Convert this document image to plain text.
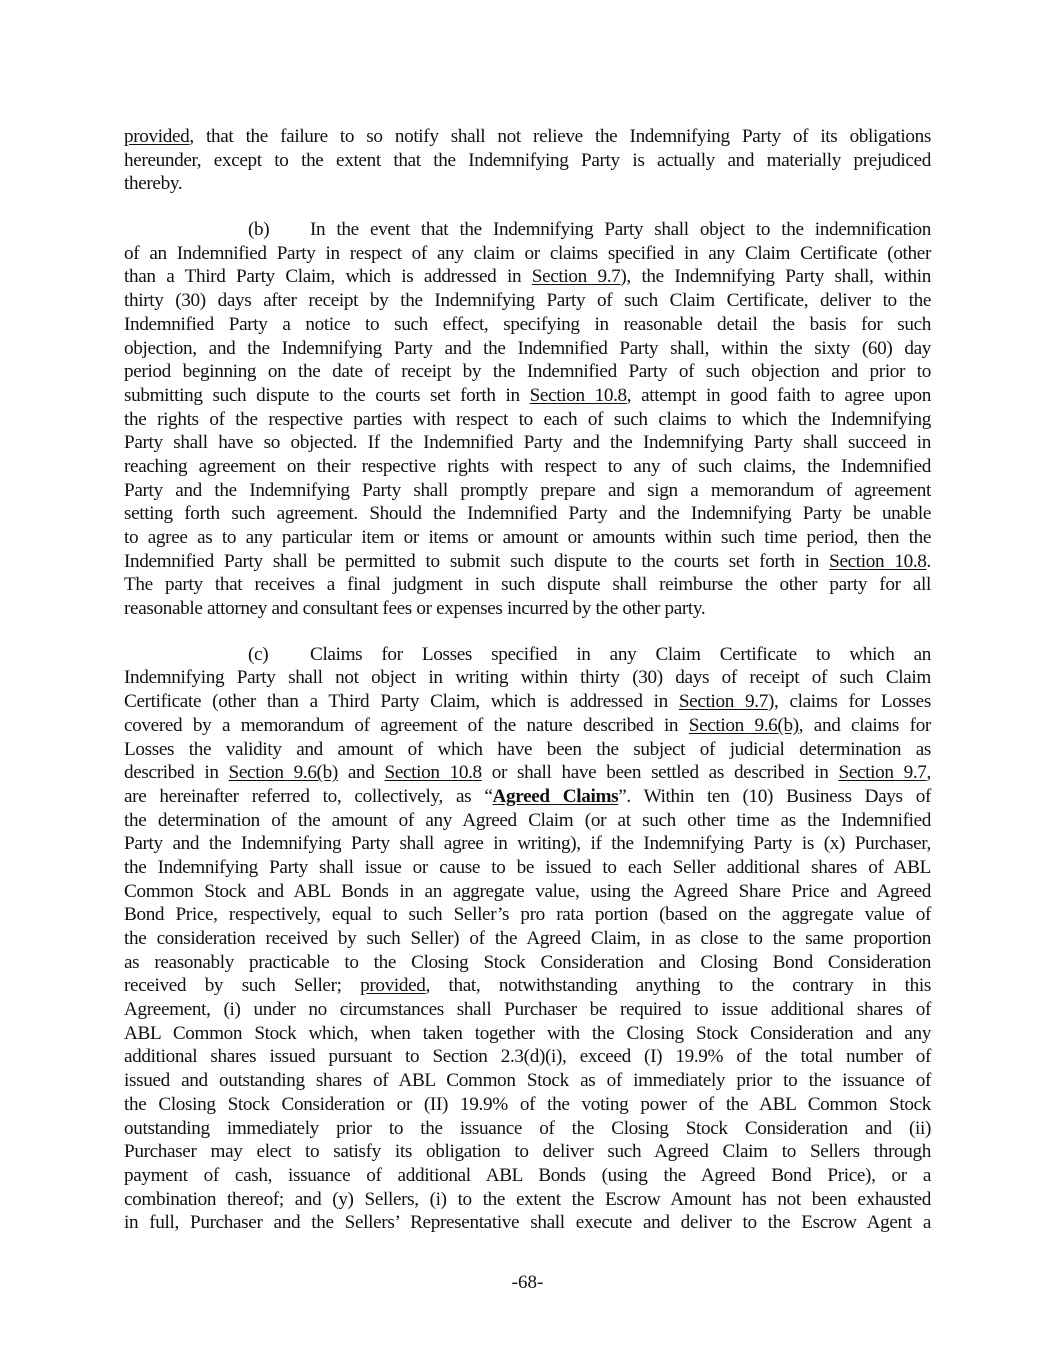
provided, that the failure to so notify shall not relieve the Indemnifying Party of its obligations
hereunder, except to the extent that the Indemnifying Party is actually and materially prejudiced
thereby.
(b) In the event that the Indemnifying Party shall object to the indemnification
of an Indemnified Party in respect of any claim or claims specified in any Claim Certificate (other
than a Third Party Claim, which is addressed in Section 9.7), the Indemnifying Party shall, within
thirty (30) days after receipt by the Indemnifying Party of such Claim Certificate, deliver to the
Indemnified Party a notice to such effect, specifying in reasonable detail the basis for such
objection, and the Indemnifying Party and the Indemnified Party shall, within the sixty (60) day
period beginning on the date of receipt by the Indemnified Party of such objection and prior to
submitting such dispute to the courts set forth in Section 10.8, attempt in good faith to agree upon
the rights of the respective parties with respect to each of such claims to which the Indemnifying
Party shall have so objected. If the Indemnified Party and the Indemnifying Party shall succeed in
reaching agreement on their respective rights with respect to any of such claims, the Indemnified
Party and the Indemnifying Party shall promptly prepare and sign a memorandum of agreement
setting forth such agreement. Should the Indemnified Party and the Indemnifying Party be unable
to agree as to any particular item or items or amount or amounts within such time period, then the
Indemnified Party shall be permitted to submit such dispute to the courts set forth in Section 10.8.
The party that receives a final judgment in such dispute shall reimburse the other party for all
reasonable attorney and consultant fees or expenses incurred by the other party.
(c) Claims for Losses specified in any Claim Certificate to which an
Indemnifying Party shall not object in writing within thirty (30) days of receipt of such Claim
Certificate (other than a Third Party Claim, which is addressed in Section 9.7), claims for Losses
covered by a memorandum of agreement of the nature described in Section 9.6(b), and claims for
Losses the validity and amount of which have been the subject of judicial determination as
described in Section 9.6(b) and Section 10.8 or shall have been settled as described in Section 9.7,
are hereinafter referred to, collectively, as “Agreed Claims”. Within ten (10) Business Days of
the determination of the amount of any Agreed Claim (or at such other time as the Indemnified
Party and the Indemnifying Party shall agree in writing), if the Indemnifying Party is (x) Purchaser,
the Indemnifying Party shall issue or cause to be issued to each Seller additional shares of ABL
Common Stock and ABL Bonds in an aggregate value, using the Agreed Share Price and Agreed
Bond Price, respectively, equal to such Seller’s pro rata portion (based on the aggregate value of
the consideration received by such Seller) of the Agreed Claim, in as close to the same proportion
as reasonably practicable to the Closing Stock Consideration and Closing Bond Consideration
received by such Seller; provided, that, notwithstanding anything to the contrary in this
Agreement, (i) under no circumstances shall Purchaser be required to issue additional shares of
ABL Common Stock which, when taken together with the Closing Stock Consideration and any
additional shares issued pursuant to Section 2.3(d)(i), exceed (I) 19.9% of the total number of
issued and outstanding shares of ABL Common Stock as of immediately prior to the issuance of
the Closing Stock Consideration or (II) 19.9% of the voting power of the ABL Common Stock
outstanding immediately prior to the issuance of the Closing Stock Consideration and (ii)
Purchaser may elect to satisfy its obligation to deliver such Agreed Claim to Sellers through
payment of cash, issuance of additional ABL Bonds (using the Agreed Bond Price), or a
combination thereof; and (y) Sellers, (i) to the extent the Escrow Amount has not been exhausted
in full, Purchaser and the Sellers’ Representative shall execute and deliver to the Escrow Agent a
-68-
